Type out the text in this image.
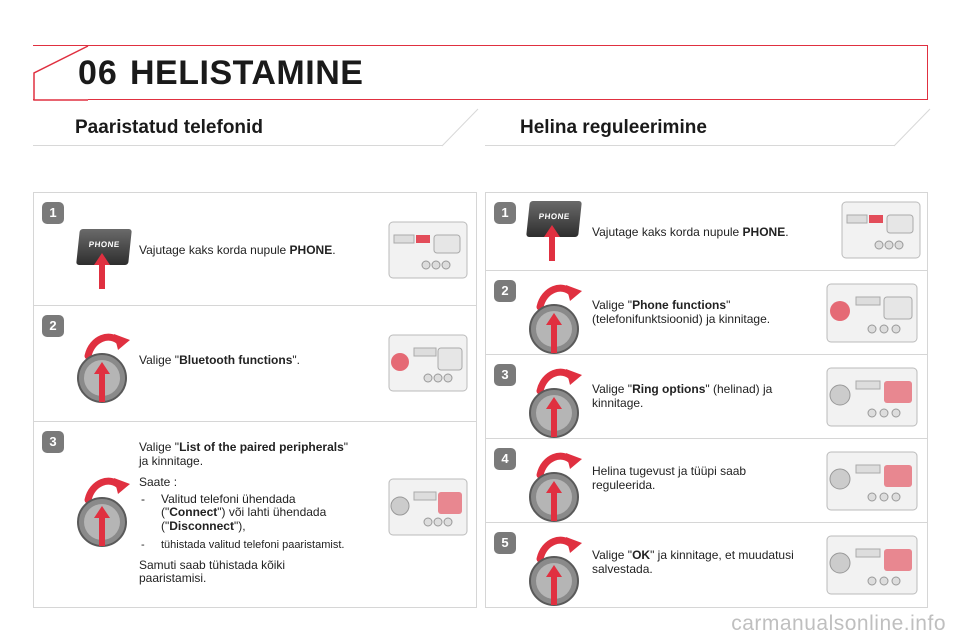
06 HELISTAMINE
Paaristatud telefonid	Helina reguleerimine
1
PHONE	Vajutage kaks korda nupule PHONE.
2
Valige "Bluetooth functions".
3	Valige "List of the paired peripherals"
ja kinnitage.
Saate :
- Valitud telefoni ühendada
("Connect") või lahti ühendada
("Disconnect"),
- tühistada valitud telefoni paaristamist.
Samuti saab tühistada kõiki
paaristamisi.
1	PHONE
Vajutage kaks korda nupule PHONE.
2
Valige "Phone functions"
(telefonifunktsioonid) ja kinnitage.
3
Valige "Ring options" (helinad) ja
kinnitage.
4
Helina tugevust ja tüüpi saab
reguleerida.
5
Valige "OK" ja kinnitage, et muudatusi
salvestada.
carmanualsonline.info
